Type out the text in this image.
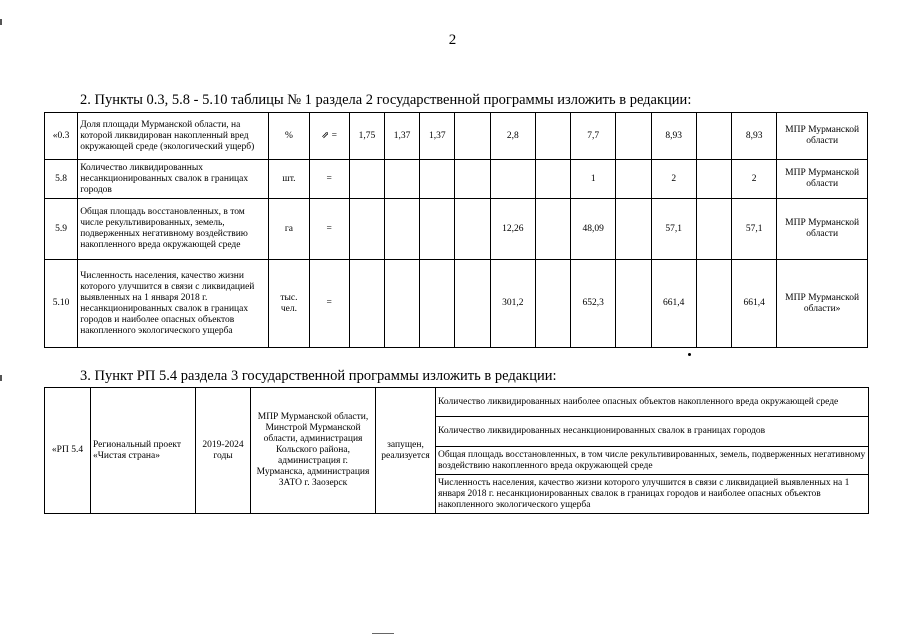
2
2. Пункты 0.3, 5.8 - 5.10 таблицы № 1 раздела 2 государственной программы изложить в редакции:
«0.3	Доля площади Мурманской области, на которой ликвидирован накопленный вред окружающей среде (экологический ущерб)	%	⇗ =	1,75	1,37	1,37		2,8		7,7		8,93		8,93	МПР Мурманской области
5.8	Количество ликвидированных несанкционированных свалок в границах городов	шт.	=							1		2		2	МПР Мурманской области
5.9	Общая площадь восстановленных, в том числе рекультивированных, земель, подверженных негативному воздействию накопленного вреда окружающей среде	га	=					12,26		48,09		57,1		57,1	МПР Мурманской области
5.10	Численность населения, качество жизни которого улучшится в связи с ликвидацией выявленных на 1 января 2018 г. несанкционированных свалок в границах городов и наиболее опасных объектов накопленного экологического ущерба	тыс. чел.	=					301,2		652,3		661,4		661,4	МПР Мурманской области»
3. Пункт РП 5.4 раздела 3 государственной программы изложить в редакции:
«РП 5.4	Региональный проект «Чистая страна»	2019-2024 годы	МПР Мурманской области, Минстрой Мурманской области, администрация Кольского района, администрация г. Мурманска, администрация ЗАТО г. Заозерск	запущен, реализуется	Количество ликвидированных наиболее опасных объектов накопленного вреда окружающей среде
Количество ликвидированных несанкционированных свалок в границах городов
Общая площадь восстановленных, в том числе рекультивированных, земель, подверженных негативному воздействию накопленного вреда окружающей среде
Численность населения, качество жизни которого улучшится в связи с ликвидацией выявленных на 1 января 2018 г. несанкционированных свалок в границах городов и наиболее опасных объектов накопленного экологического ущерба
